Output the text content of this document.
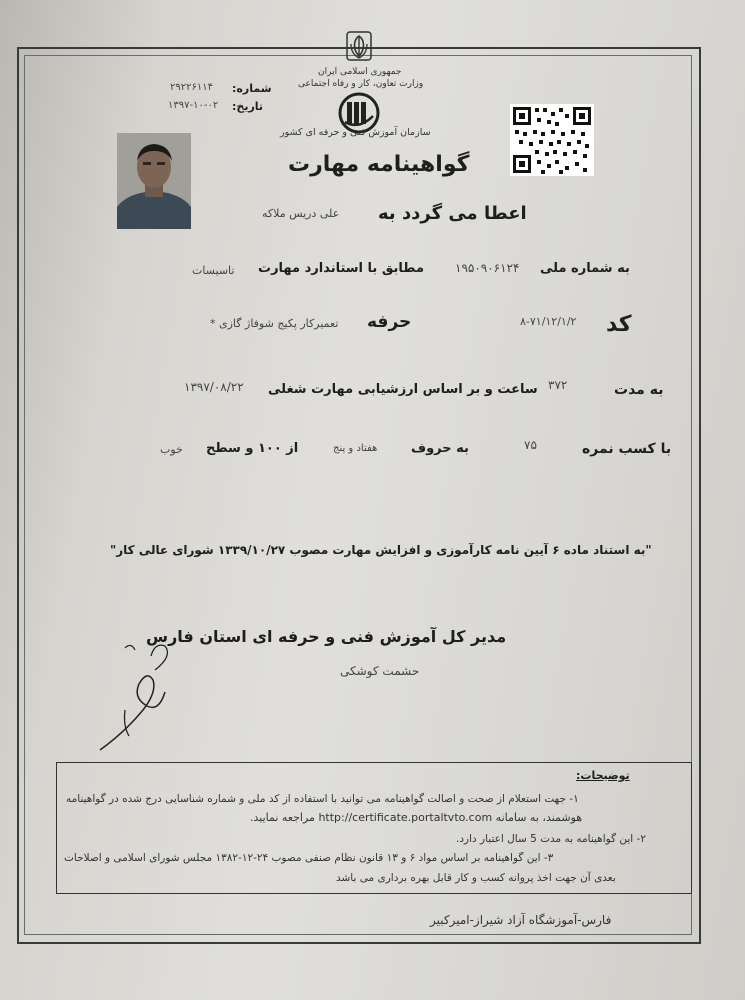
جمهوری اسلامی ایران
وزارت تعاون، کار و رفاه اجتماعی
سازمان آموزش فنی و حرفه ای کشور
شماره:
۲۹۲۲۶۱۱۴
تاریخ:
۱۳۹۷-۱۰-۰۲
گواهینامه مهارت
اعطا می گردد به
علی دریس ملاکه
به شماره ملی
۱۹۵۰۹۰۶۱۲۴
مطابق با استاندارد مهارت
تاسیسات
کد
۸-۷۱/۱۲/۱/۲
حرفه
تعمیرکار پکیج شوفاژ گازی *
به مدت
۳۷۲
ساعت و بر اساس ارزشیابی مهارت شغلی
۱۳۹۷/۰۸/۲۲
با کسب نمره
۷۵
به حروف
هفتاد و پنج
از ۱۰۰ و سطح
خوب
"به استناد ماده ۶ آیین نامه کارآموزی و افزایش مهارت مصوب ۱۳۳۹/۱۰/۲۷ شورای عالی کار"
مدیر کل آموزش فنی و حرفه ای استان فارس
حشمت کوشکی
توضیحات:
۱- جهت استعلام از صحت و اصالت گواهینامه می توانید با استفاده از کد ملی و شماره شناسایی درج شده در گواهینامه
هوشمند، به سامانه http://certificate.portaltvto.com مراجعه نمایید.
۲- این گواهینامه به مدت 5 سال اعتبار دارد.
۳- این گواهینامه بر اساس مواد ۶ و ۱۳ قانون نظام صنفی مصوب ۲۴-۱۲-۱۳۸۲ مجلس شورای اسلامی و اصلاحات
بعدی آن جهت اخذ پروانه کسب و کار قابل بهره برداری می باشد
فارس-آموزشگاه آزاد شیراز-امیرکبیر
